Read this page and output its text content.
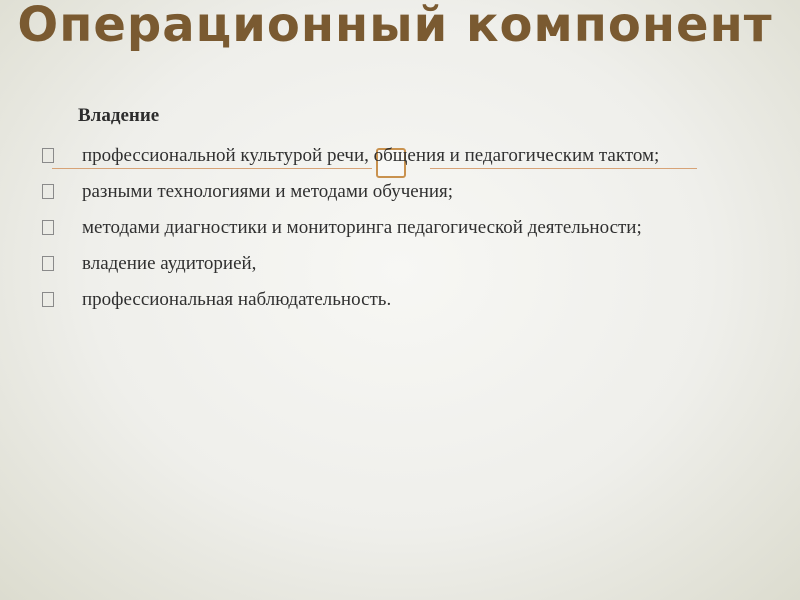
Операционный компонент
Владение
профессиональной культурой речи, общения и педагогическим тактом;
разными технологиями и методами обучения;
методами диагностики и мониторинга педагогической деятельности;
владение аудиторией,
профессиональная наблюдательность.
